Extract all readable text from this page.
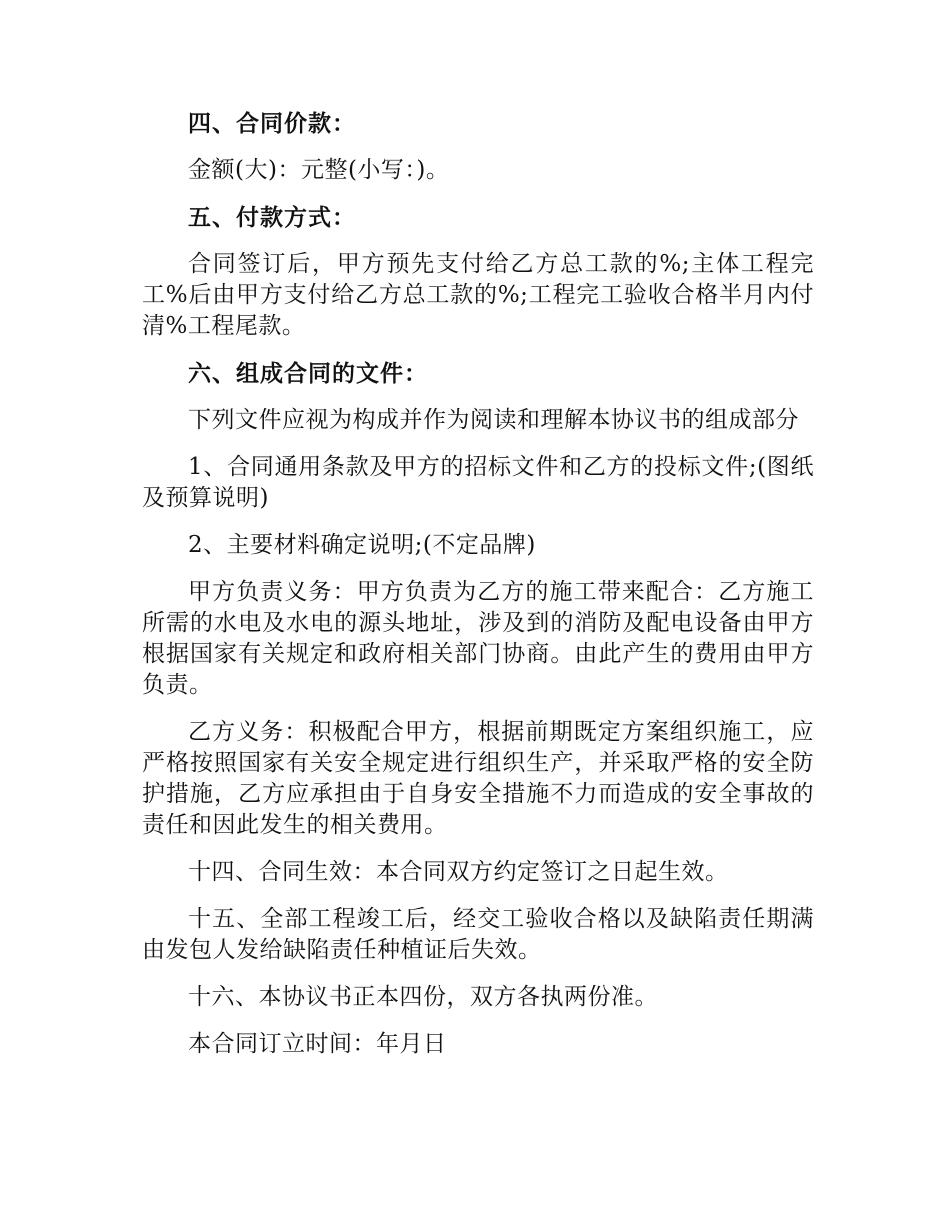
四、合同价款：

金额(大)：元整(小写：)。

五、付款方式：

合同签订后，甲方预先支付给乙方总工款的%;主体工程完工%后由甲方支付给乙方总工款的%;工程完工验收合格半月内付清%工程尾款。

六、组成合同的文件：

下列文件应视为构成并作为阅读和理解本协议书的组成部分

1、合同通用条款及甲方的招标文件和乙方的投标文件;(图纸及预算说明)

2、主要材料确定说明;(不定品牌)

甲方负责义务：甲方负责为乙方的施工带来配合：乙方施工所需的水电及水电的源头地址，涉及到的消防及配电设备由甲方根据国家有关规定和政府相关部门协商。由此产生的费用由甲方负责。

乙方义务：积极配合甲方，根据前期既定方案组织施工，应严格按照国家有关安全规定进行组织生产，并采取严格的安全防护措施，乙方应承担由于自身安全措施不力而造成的安全事故的责任和因此发生的相关费用。

十四、合同生效：本合同双方约定签订之日起生效。

十五、全部工程竣工后，经交工验收合格以及缺陷责任期满由发包人发给缺陷责任种植证后失效。

十六、本协议书正本四份，双方各执两份准。

本合同订立时间：年月日
